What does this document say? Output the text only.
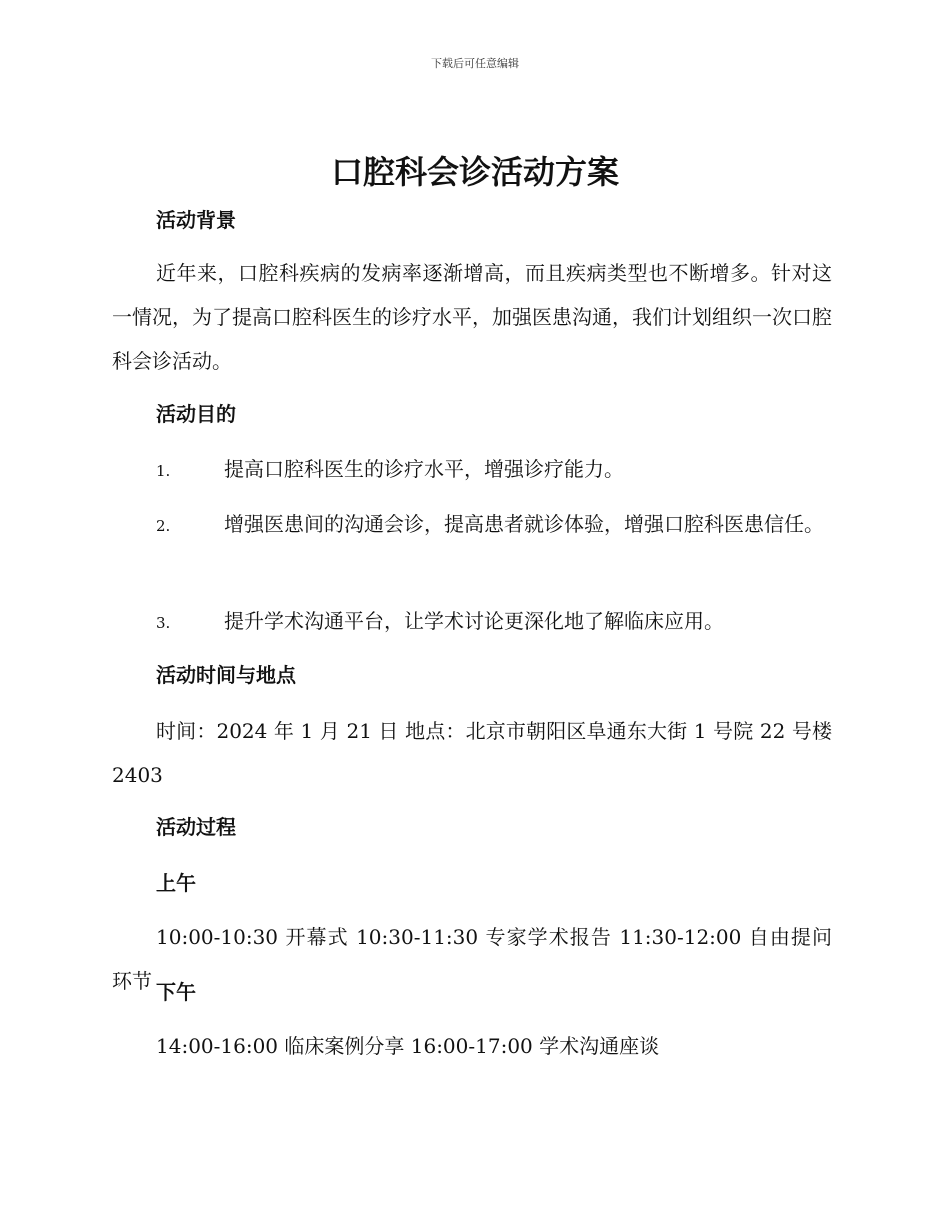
下载后可任意编辑
口腔科会诊活动方案
活动背景

近年来，口腔科疾病的发病率逐渐增高，而且疾病类型也不断增多。针对这一情况，为了提高口腔科医生的诊疗水平，加强医患沟通，我们计划组织一次口腔科会诊活动。

活动目的

1.	提高口腔科医生的诊疗水平，增强诊疗能力。

2.	增强医患间的沟通会诊，提高患者就诊体验，增强口腔科医患信任。

3.	提升学术沟通平台，让学术讨论更深化地了解临床应用。

活动时间与地点

时间：2024 年 1 月 21 日 地点：北京市朝阳区阜通东大街 1 号院 22 号楼 2403

活动过程
上午

10:00-10:30 开幕式 10:30-11:30 专家学术报告 11:30-12:00 自由提问环节 下午

14:00-16:00 临床案例分享 16:00-17:00 学术沟通座谈
